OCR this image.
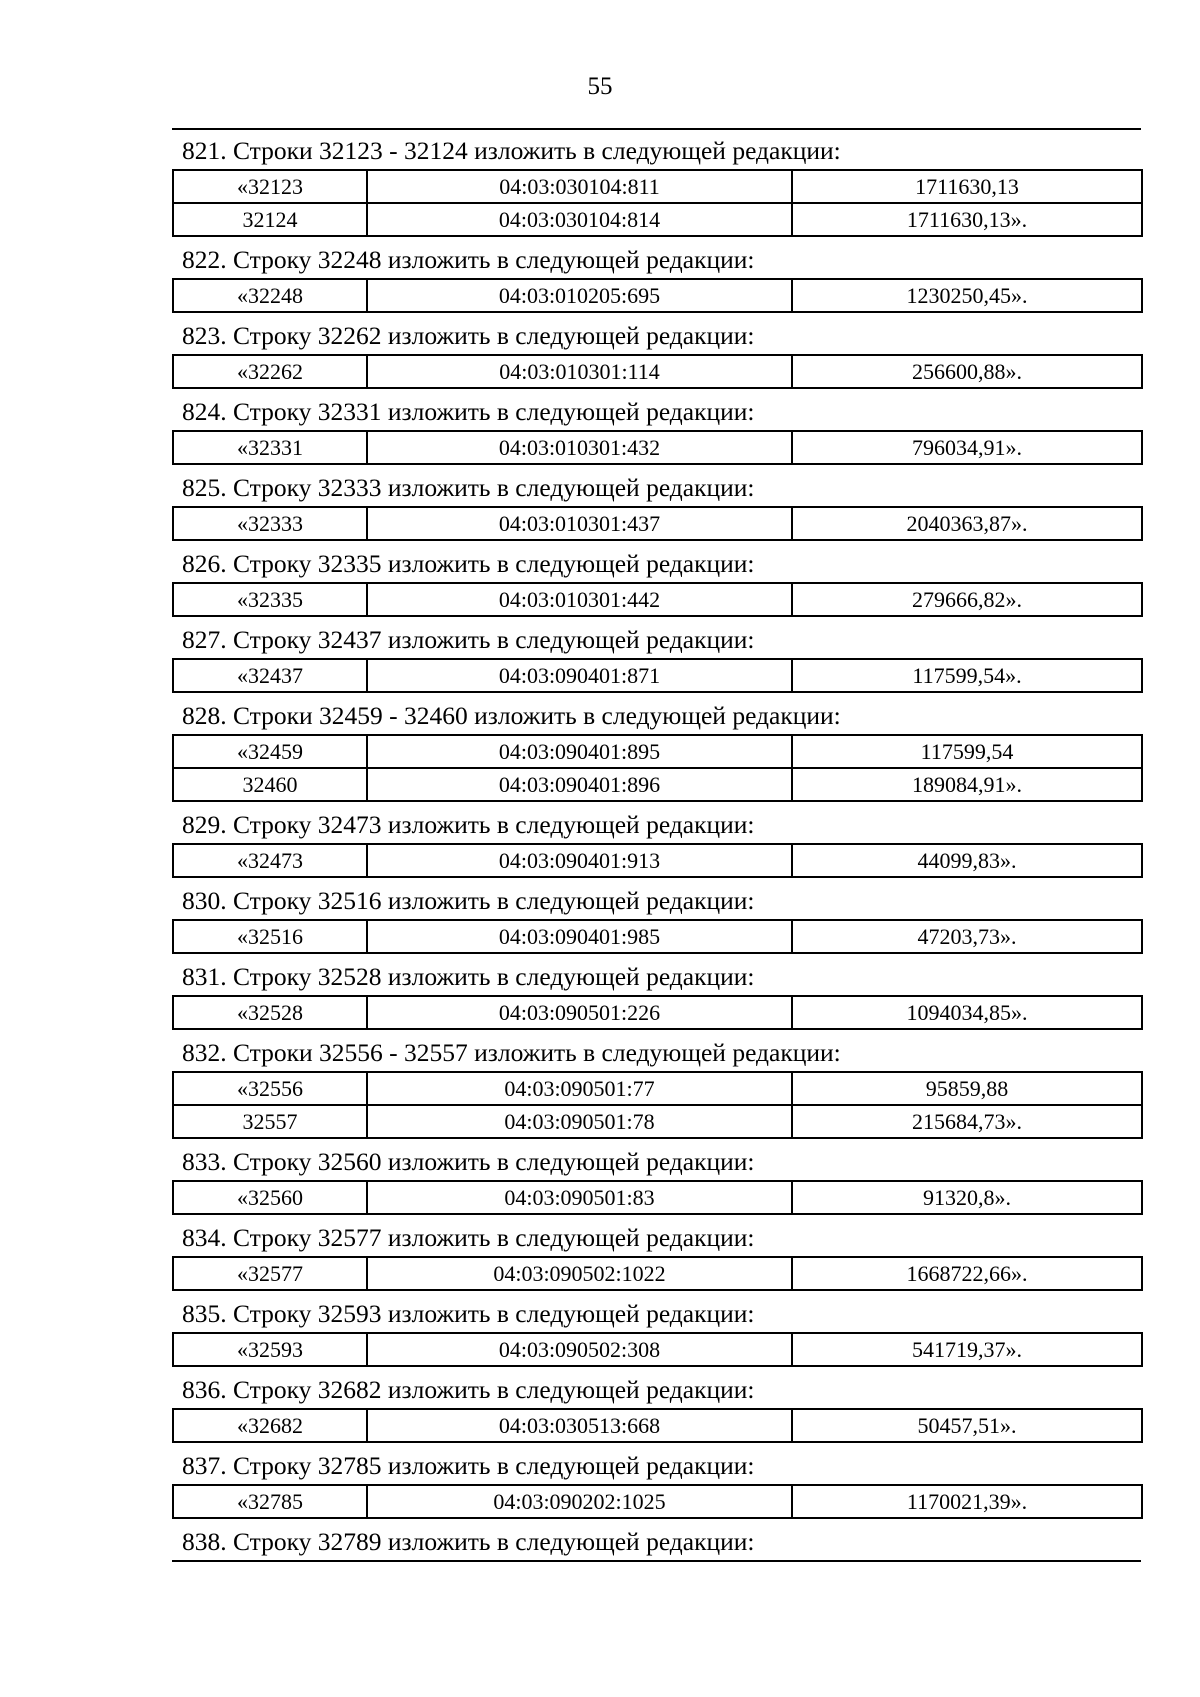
55
821. Строки 32123 - 32124 изложить в следующей редакции:
«32123	04:03:030104:811	1711630,13
32124	04:03:030104:814	1711630,13».
822. Строку 32248 изложить в следующей редакции:
«32248	04:03:010205:695	1230250,45».
823. Строку 32262 изложить в следующей редакции:
«32262	04:03:010301:114	256600,88».
824. Строку 32331 изложить в следующей редакции:
«32331	04:03:010301:432	796034,91».
825. Строку 32333 изложить в следующей редакции:
«32333	04:03:010301:437	2040363,87».
826. Строку 32335 изложить в следующей редакции:
«32335	04:03:010301:442	279666,82».
827. Строку 32437 изложить в следующей редакции:
«32437	04:03:090401:871	117599,54».
828. Строки 32459 - 32460 изложить в следующей редакции:
«32459	04:03:090401:895	117599,54
32460	04:03:090401:896	189084,91».
829. Строку 32473 изложить в следующей редакции:
«32473	04:03:090401:913	44099,83».
830. Строку 32516 изложить в следующей редакции:
«32516	04:03:090401:985	47203,73».
831. Строку 32528 изложить в следующей редакции:
«32528	04:03:090501:226	1094034,85».
832. Строки 32556 - 32557 изложить в следующей редакции:
«32556	04:03:090501:77	95859,88
32557	04:03:090501:78	215684,73».
833. Строку 32560 изложить в следующей редакции:
«32560	04:03:090501:83	91320,8».
834. Строку 32577 изложить в следующей редакции:
«32577	04:03:090502:1022	1668722,66».
835. Строку 32593 изложить в следующей редакции:
«32593	04:03:090502:308	541719,37».
836. Строку 32682 изложить в следующей редакции:
«32682	04:03:030513:668	50457,51».
837. Строку 32785 изложить в следующей редакции:
«32785	04:03:090202:1025	1170021,39».
838. Строку 32789 изложить в следующей редакции:
